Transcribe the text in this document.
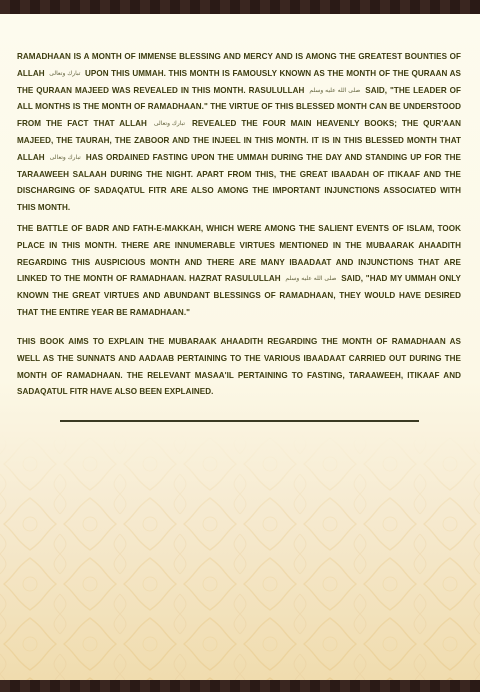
RAMADHAAN IS A MONTH OF IMMENSE BLESSING AND MERCY AND IS AMONG THE GREATEST BOUNTIES OF ALLAH تبارك وتعالى UPON THIS UMMAH. THIS MONTH IS FAMOUSLY KNOWN AS THE MONTH OF THE QURAAN AS THE QURAAN MAJEED WAS REVEALED IN THIS MONTH. RASULULLAH صلى الله عليه وسلم SAID, "THE LEADER OF ALL MONTHS IS THE MONTH OF RAMADHAAN." THE VIRTUE OF THIS BLESSED MONTH CAN BE UNDERSTOOD FROM THE FACT THAT ALLAH تبارك وتعالى REVEALED THE FOUR MAIN HEAVENLY BOOKS; THE QUR'AAN MAJEED, THE TAURAH, THE ZABOOR AND THE INJEEL IN THIS MONTH. IT IS IN THIS BLESSED MONTH THAT ALLAH تبارك وتعالى HAS ORDAINED FASTING UPON THE UMMAH DURING THE DAY AND STANDING UP FOR THE TARAAWEEH SALAAH DURING THE NIGHT. APART FROM THIS, THE GREAT IBAADAH OF ITIKAAF AND THE DISCHARGING OF SADAQATUL FITR ARE ALSO AMONG THE IMPORTANT INJUNCTIONS ASSOCIATED WITH THIS MONTH.

THE BATTLE OF BADR AND FATH-E-MAKKAH, WHICH WERE AMONG THE SALIENT EVENTS OF ISLAM, TOOK PLACE IN THIS MONTH. THERE ARE INNUMERABLE VIRTUES MENTIONED IN THE MUBAARAK AHAADITH REGARDING THIS AUSPICIOUS MONTH AND THERE ARE MANY IBAADAAT AND INJUNCTIONS THAT ARE LINKED TO THE MONTH OF RAMADHAAN. HAZRAT RASULULLAH صلى الله عليه وسلم SAID, "HAD MY UMMAH ONLY KNOWN THE GREAT VIRTUES AND ABUNDANT BLESSINGS OF RAMADHAAN, THEY WOULD HAVE DESIRED THAT THE ENTIRE YEAR BE RAMADHAAN."

THIS BOOK AIMS TO EXPLAIN THE MUBARAAK AHAADITH REGARDING THE MONTH OF RAMADHAAN AS WELL AS THE SUNNATS AND AADAAB PERTAINING TO THE VARIOUS IBAADAAT CARRIED OUT DURING THE MONTH OF RAMADHAAN. THE RELEVANT MASAA'IL PERTAINING TO FASTING, TARAAWEEH, ITIKAAF AND SADAQATUL FITR HAVE ALSO BEEN EXPLAINED.
